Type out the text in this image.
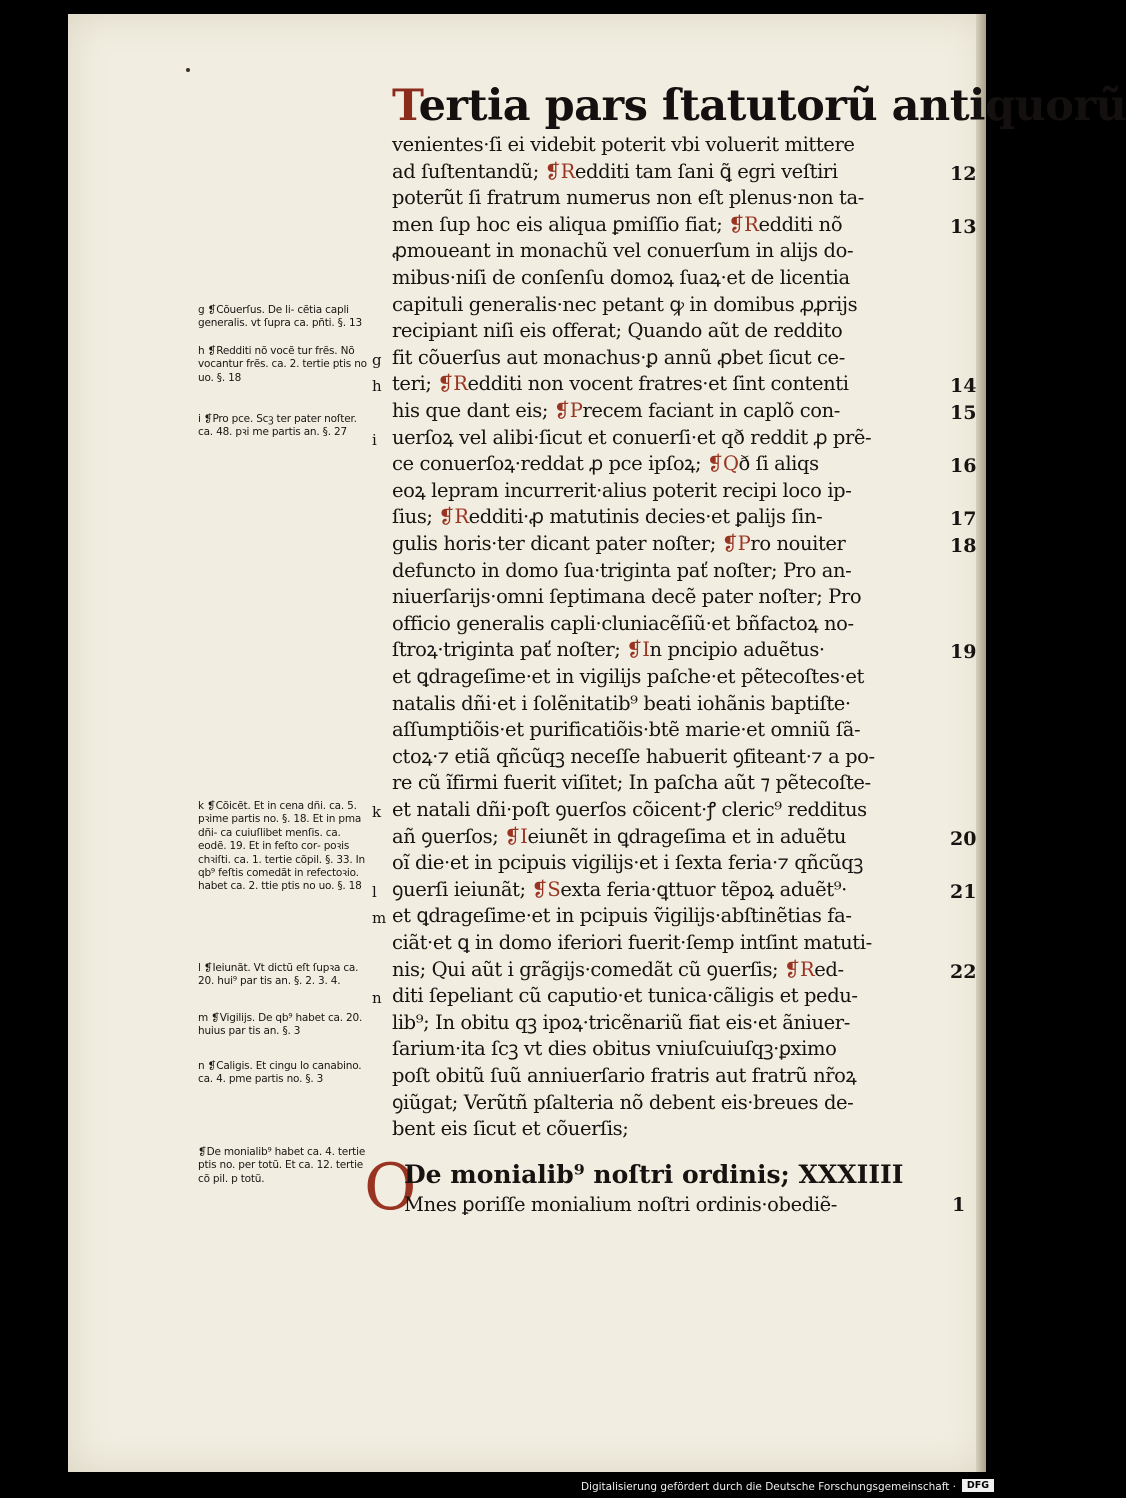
Tertia pars ſtatutorũ antiquorũ
venientes·ſi ei videbit poterit vbi voluerit mittere
ad ſuſtentandũ; ❡Redditi tam ſani ꝗ̃ egri veſtiri
poterũt ſi fratrum numerus non eſt plenus·non ta‑
men ſup hoc eis aliqua ꝑmiſſio fiat; ❡Redditi nõ
ꝓmoueant in monachũ vel conuerſum in alijs do‑
mibus·niſi de conſenſu domoꝝ ſuaꝝ·et de licentia
capituli generalis·nec petant ꝙ in domibus ꝓꝓrijs
recipiant niſi eis offerat; Quando aũt de reddito
fit cõuerſus aut monachus·ꝑ annũ ꝓbet ſicut ce‑
teri; ❡Redditi non vocent fratres·et ſint contenti
his que dant eis; ❡Precem faciant in caplõ con‑
uerſoꝝ vel alibi·ſicut et conuerſi·et qð reddit ꝓ prẽ‑
ce conuerſoꝝ·reddat ꝓ pce ipſoꝝ; ❡Qð ſi aliqs
eoꝝ lepram incurrerit·alius poterit recipi loco ip‑
ſius; ❡Redditi·ꝓ matutinis decies·et ꝑalijs ſin‑
gulis horis·ter dicant pater noſter; ❡Pro nouiter
defuncto in domo ſua·triginta pať noſter; Pro an‑
niuerſarijs·omni ſeptimana decẽ pater noſter; Pro
officio generalis capli·cluniacẽſiũ·et bñfactoꝝ no‑
ſtroꝝ·triginta pať noſter; ❡In pncipio aduẽtus·
et ꝗdrageſime·et in vigilijs paſche·et pẽtecoſtes·et
natalis dñi·et i ſolẽnitatib⁹ beati iohãnis baptiſte·
aſſumptiõis·et purificatiõis·btẽ marie·et omniũ ſã‑
ctoꝝ·⁊ etiã qñcũqꝫ neceſſe habuerit ꝯfiteant·⁊ a po‑
re cũ ĩfirmi fuerit viſitet; In paſcha aũt ⁊ pẽtecoſte‑
et natali dñi·poſt ꝯuerſos cõicent·ꝭ cleric⁹ redditus
añ ꝯuerſos; ❡Ieiunẽt in ꝗdrageſima et in aduẽtu
oĩ die·et in pcipuis vigilijs·et i ſexta feria·⁊ qñcũqꝫ
ꝯuerſi ieiunãt; ❡Sexta feria·ꝗttuor tẽpoꝝ aduẽt⁹·
et ꝗdrageſime·et in pcipuis ṽigilijs·abſtinẽtias fa‑
ciãt·et ꝗ in domo iferiori fuerit·ſemp intſint matuti‑
nis; Qui aũt i grãgijs·comedãt cũ ꝯuerſis; ❡Red‑
diti ſepeliant cũ caputio·et tunica·cãligis et pedu‑
lib⁹; In obitu qꝫ ipoꝝ·tricẽnariũ fiat eis·et ãniuer‑
ſarium·ita ſcꝫ vt dies obitus vniuſcuiuſqꝫ·ꝑximo
poſt obitũ ſuũ anniuerſario fratris aut fratrũ nr̃oꝝ
ꝯiũgat; Verũtñ pſalteria nõ debent eis·breues de‑
bent eis ſicut et cõuerſis;
12
13
14
15
16
17
18
19
20
21
22
g
h
i
k
l
m
n
g ❡Cõuerſus. De li‑ cẽtia capli generalis. vt ſupra ca. pñti. §. 13
h ❡Redditi nõ vocẽ tur frẽs. Nõ vocantur frẽs. ca. 2. tertie ptis no uo. §. 18
i ❡Pro pce. Scꝫ ter pater noſter. ca. 48. pꝛi me partis an. §. 27
k ❡Cõicẽt. Et in cena dñi. ca. 5. pꝛime partis no. §. 18. Et in pma dñi‑ ca cuiuſlibet menſis. ca. eodẽ. 19. Et in feſto cor‑ poꝛis chꝛiſti. ca. 1. tertie cõpil. §. 33. In qb⁹ feſtis comedãt in refectoꝛio. habet ca. 2. ttie ptis no uo. §. 18
l ❡Ieiunãt. Vt dictũ eſt ſupꝛa ca. 20. hui⁹ par tis an. §. 2. 3. 4.
m ❡Vigilijs. De qb⁹ habet ca. 20. huius par tis an. §. 3
n ❡Caligis. Et cingu lo canabino. ca. 4. pme partis no. §. 3
❡De monialib⁹ habet ca. 4. tertie ptis no. per totũ. Et ca. 12. tertie cõ pil. p totũ.	O
De monialib⁹ noſtri ordinis; XXXIIII
Mnes ꝑoriſſe monialium noſtri ordinis·obediẽ‑	1
Digitalisierung gefördert durch die Deutsche Forschungsgemeinschaft ·	DFG
